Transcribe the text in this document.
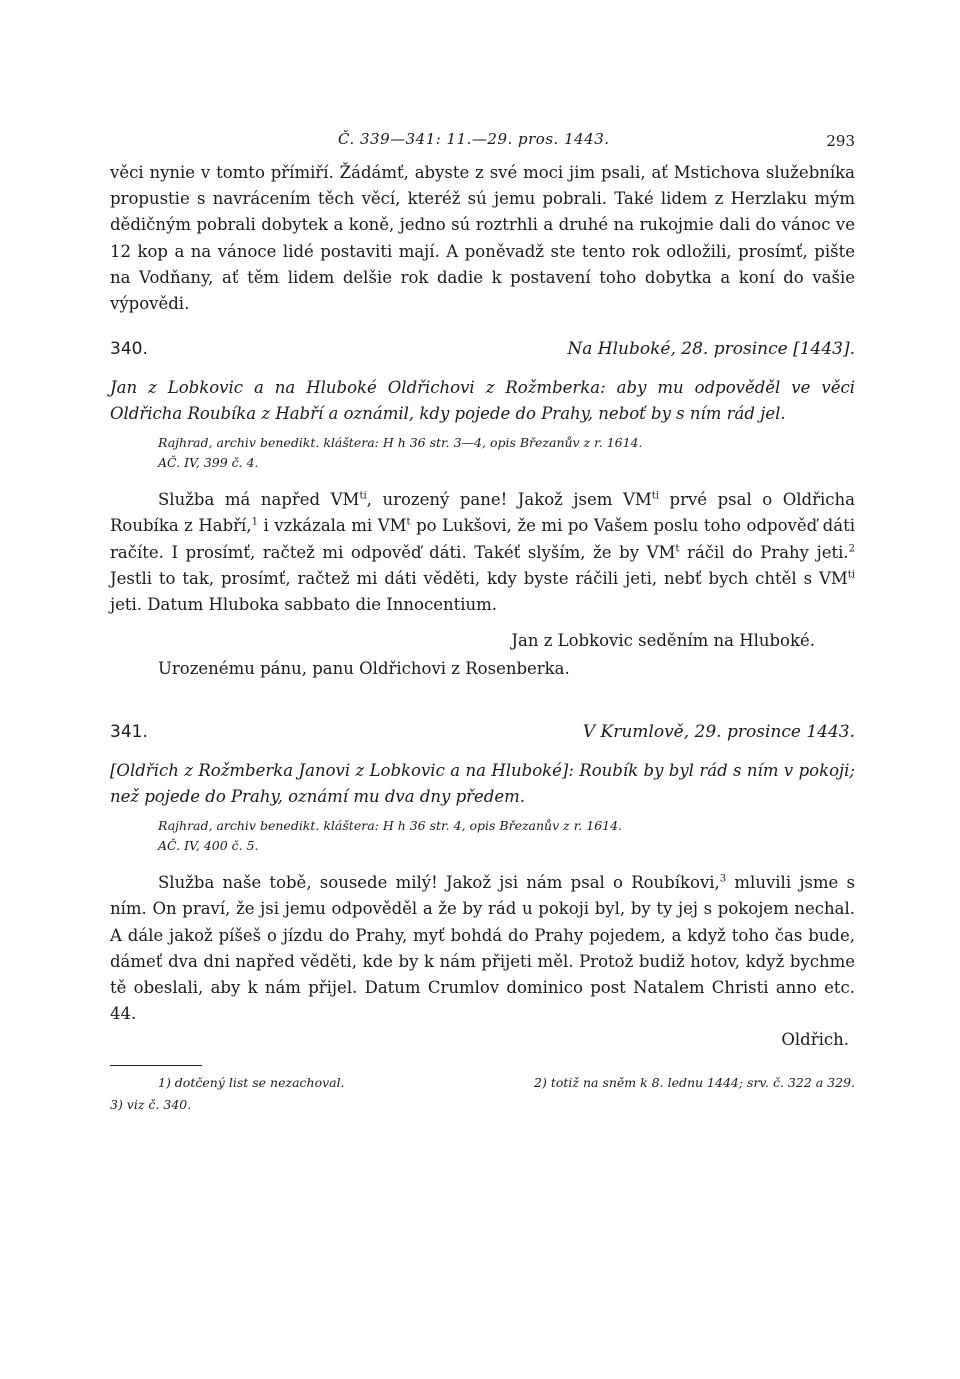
Č. 339—341: 11.—29. pros. 1443.	293

věci nynie v tomto přímiří. Žádámť, abyste z své moci jim psali, ať Mstichova služebníka propustie s navrácením těch věcí, kteréž sú jemu pobrali. Také lidem z Herzlaku mým dědičným pobrali dobytek a koně, jedno sú roztrhli a druhé na rukojmie dali do vánoc ve 12 kop a na vánoce lidé postaviti mají. A poněvadž ste tento rok odložili, prosímť, pište na Vodňany, ať těm lidem delšie rok dadie k postavení toho dobytka a koní do vašie výpovědi.

340.	Na Hluboké, 28. prosince [1443].

Jan z Lobkovic a na Hluboké Oldřichovi z Rožmberka: aby mu odpověděl ve věci Oldřicha Roubíka z Habří a oznámil, kdy pojede do Prahy, neboť by s ním rád jel.

Rajhrad, archiv benedikt. kláštera: H h 36 str. 3—4, opis Březanův z r. 1614.
AČ. IV, 399 č. 4.

Služba má napřed $VM^{ti}$, urozený pane! Jakož jsem $VM^{ti}$ prvé psal o Oldřicha Roubíka z Habří,$^1$ i vzkázala mi $VM^t$ po Lukšovi, že mi po Vašem poslu toho odpověď dáti račíte. I prosímť, račtež mi odpověď dáti. Takéť slyším, že by $VM^t$ ráčil do Prahy jeti.$^2$ Jestli to tak, prosímť, račtež mi dáti věděti, kdy byste ráčili jeti, nebť bych chtěl s $VM^{ti}$ jeti. Datum Hluboka sabbato die Innocentium.

Jan z Lobkovic seděním na Hluboké.

Urozenému pánu, panu Oldřichovi z Rosenberka.

341.	V Krumlově, 29. prosince 1443.

[Oldřich z Rožmberka Janovi z Lobkovic a na Hluboké]: Roubík by byl rád s ním v pokoji; než pojede do Prahy, oznámí mu dva dny předem.

Rajhrad, archiv benedikt. kláštera: H h 36 str. 4, opis Březanův z r. 1614.
AČ. IV, 400 č. 5.

Služba naše tobě, sousede milý! Jakož jsi nám psal o Roubíkovi,$^3$ mluvili jsme s ním. On praví, že jsi jemu odpověděl a že by rád u pokoji byl, by ty jej s pokojem nechal. A dále jakož píšeš o jízdu do Prahy, myť bohdá do Prahy pojedem, a když toho čas bude, dámeť dva dni napřed věděti, kde by k nám přijeti měl. Protož budiž hotov, když bychme tě obeslali, aby k nám přijel. Datum Crumlov dominico post Natalem Christi anno etc. 44.

Oldřich.

1) dotčený list se nezachoval.	2) totiž na sněm k 8. lednu 1444; srv. č. 322 a 329.
3) viz č. 340.
